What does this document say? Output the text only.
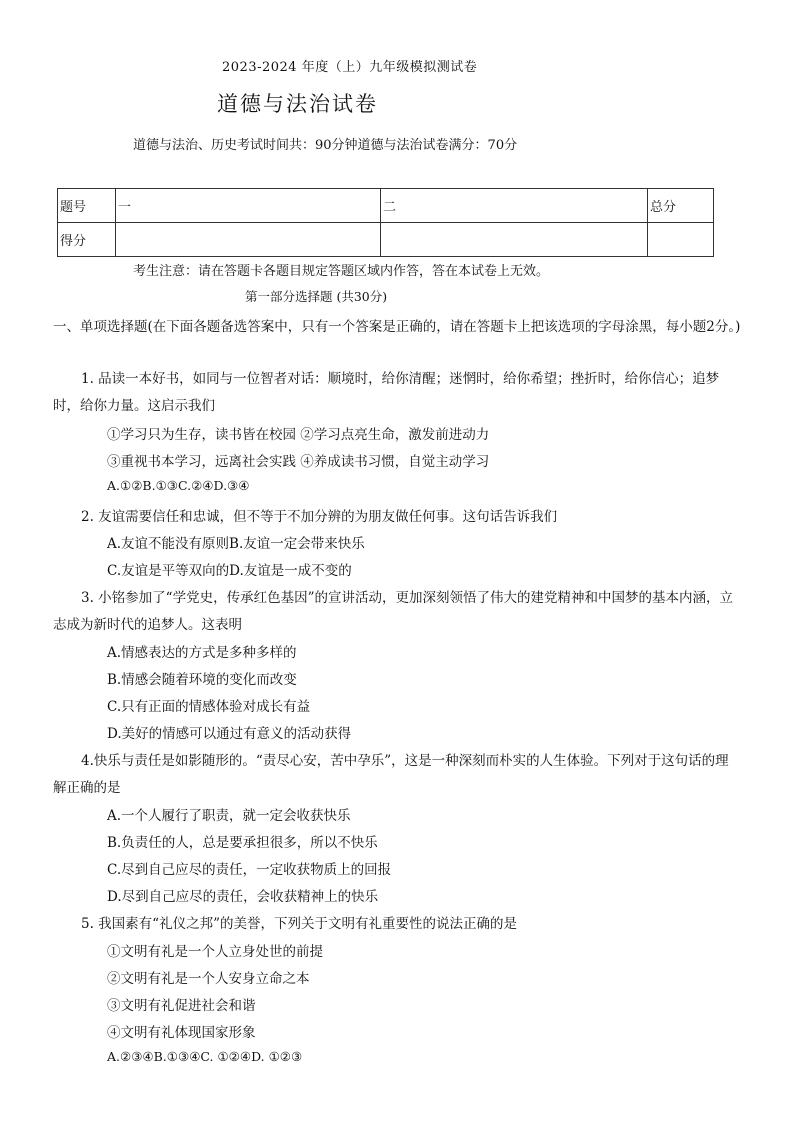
2023-2024 年度（上）九年级模拟测试卷
道德与法治试卷
道德与法治、历史考试时间共：90分钟道德与法治试卷满分：70分
题号	一	二	总分
得分			
考生注意：请在答题卡各题目规定答题区域内作答，答在本试卷上无效。
第一部分选择题 (共30分)
一、单项选择题(在下面各题备选答案中，只有一个答案是正确的，请在答题卡上把该选项的字母涂黑，每小题2分。)
1. 品读一本好书，如同与一位智者对话：顺境时，给你清醒；迷惘时，给你希望；挫折时，给你信心；追梦时，给你力量。这启示我们
①学习只为生存，读书皆在校园 ②学习点亮生命，激发前进动力
③重视书本学习，远离社会实践 ④养成读书习惯，自觉主动学习
A.①②B.①③C.②④D.③④
2. 友谊需要信任和忠诚，但不等于不加分辨的为朋友做任何事。这句话告诉我们
A.友谊不能没有原则B.友谊一定会带来快乐
C.友谊是平等双向的D.友谊是一成不变的
3. 小铭参加了“学党史，传承红色基因”的宣讲活动，更加深刻领悟了伟大的建党精神和中国梦的基本内涵，立志成为新时代的追梦人。这表明
A.情感表达的方式是多种多样的
B.情感会随着环境的变化而改变
C.只有正面的情感体验对成长有益
D.美好的情感可以通过有意义的活动获得
4.快乐与责任是如影随形的。“责尽心安，苦中孕乐”，这是一种深刻而朴实的人生体验。下列对于这句话的理解正确的是
A.一个人履行了职责，就一定会收获快乐
B.负责任的人，总是要承担很多，所以不快乐
C.尽到自己应尽的责任，一定收获物质上的回报
D.尽到自己应尽的责任，会收获精神上的快乐
5. 我国素有“礼仪之邦”的美誉，下列关于文明有礼重要性的说法正确的是
①文明有礼是一个人立身处世的前提
②文明有礼是一个人安身立命之本
③文明有礼促进社会和谐
④文明有礼体现国家形象
A.②③④B.①③④C. ①②④D. ①②③
